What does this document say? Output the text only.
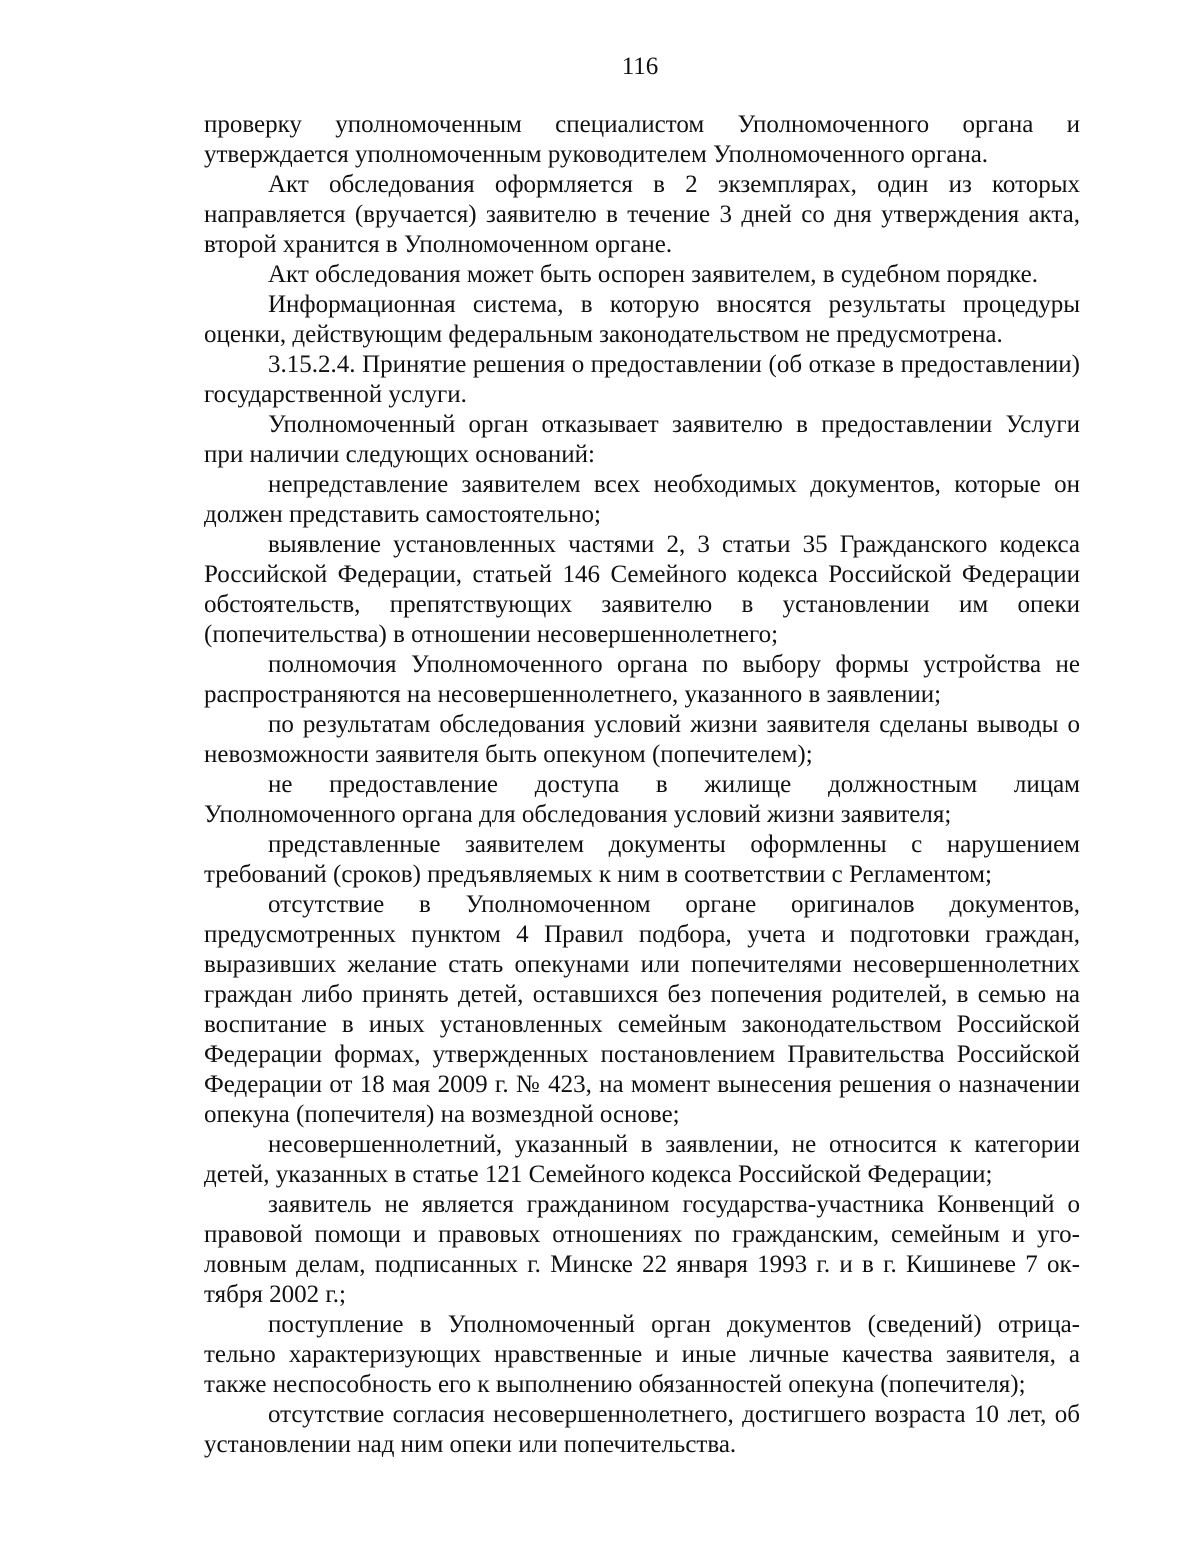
116

проверку уполномоченным специалистом Уполномоченного органа и утверждается уполномоченным руководителем Уполномоченного органа.

Акт обследования оформляется в 2 экземплярах, один из которых направляется (вручается) заявителю в течение 3 дней со дня утверждения акта, второй хранится в Уполномоченном органе.

Акт обследования может быть оспорен заявителем, в судебном порядке.

Информационная система, в которую вносятся результаты процедуры оценки, действующим федеральным законодательством не предусмотрена.

3.15.2.4. Принятие решения о предоставлении (об отказе в предоставлении) государственной услуги.

Уполномоченный орган отказывает заявителю в предоставлении Услуги при наличии следующих оснований:

непредставление заявителем всех необходимых документов, которые он должен представить самостоятельно;

выявление установленных частями 2, 3 статьи 35 Гражданского кодекса Российской Федерации, статьей 146 Семейного кодекса Российской Федерации обстоятельств, препятствующих заявителю в установлении им опеки (попечительства) в отношении несовершеннолетнего;

полномочия Уполномоченного органа по выбору формы устройства не распространяются на несовершеннолетнего, указанного в заявлении;

по результатам обследования условий жизни заявителя сделаны выводы о невозможности заявителя быть опекуном (попечителем);

не предоставление доступа в жилище должностным лицам Уполномоченного органа для обследования условий жизни заявителя;

представленные заявителем документы оформленны с нарушением требований (сроков) предъявляемых к ним в соответствии с Регламентом;

отсутствие в Уполномоченном органе оригиналов документов, предусмотренных пунктом 4 Правил подбора, учета и подготовки граждан, выразивших желание стать опекунами или попечителями несовершеннолетних граждан либо принять детей, оставшихся без попечения родителей, в семью на воспитание в иных установленных семейным законодательством Российской Федерации формах, утвержденных постановлением Правительства Российской Федерации от 18 мая 2009 г. № 423, на момент вынесения решения о назначении опекуна (попечителя) на возмездной основе;

несовершеннолетний, указанный в заявлении, не относится к категории детей, указанных в статье 121 Семейного кодекса Российской Федерации;

заявитель не является гражданином государства-участника Конвенций о правовой помощи и правовых отношениях по гражданским, семейным и уголовным делам, подписанных г. Минске 22 января 1993 г. и в г. Кишиневе 7 октября 2002 г.;

поступление в Уполномоченный орган документов (сведений) отрицательно характеризующих нравственные и иные личные качества заявителя, а также неспособность его к выполнению обязанностей опекуна (попечителя);

отсутствие согласия несовершеннолетнего, достигшего возраста 10 лет, об установлении над ним опеки или попечительства.
